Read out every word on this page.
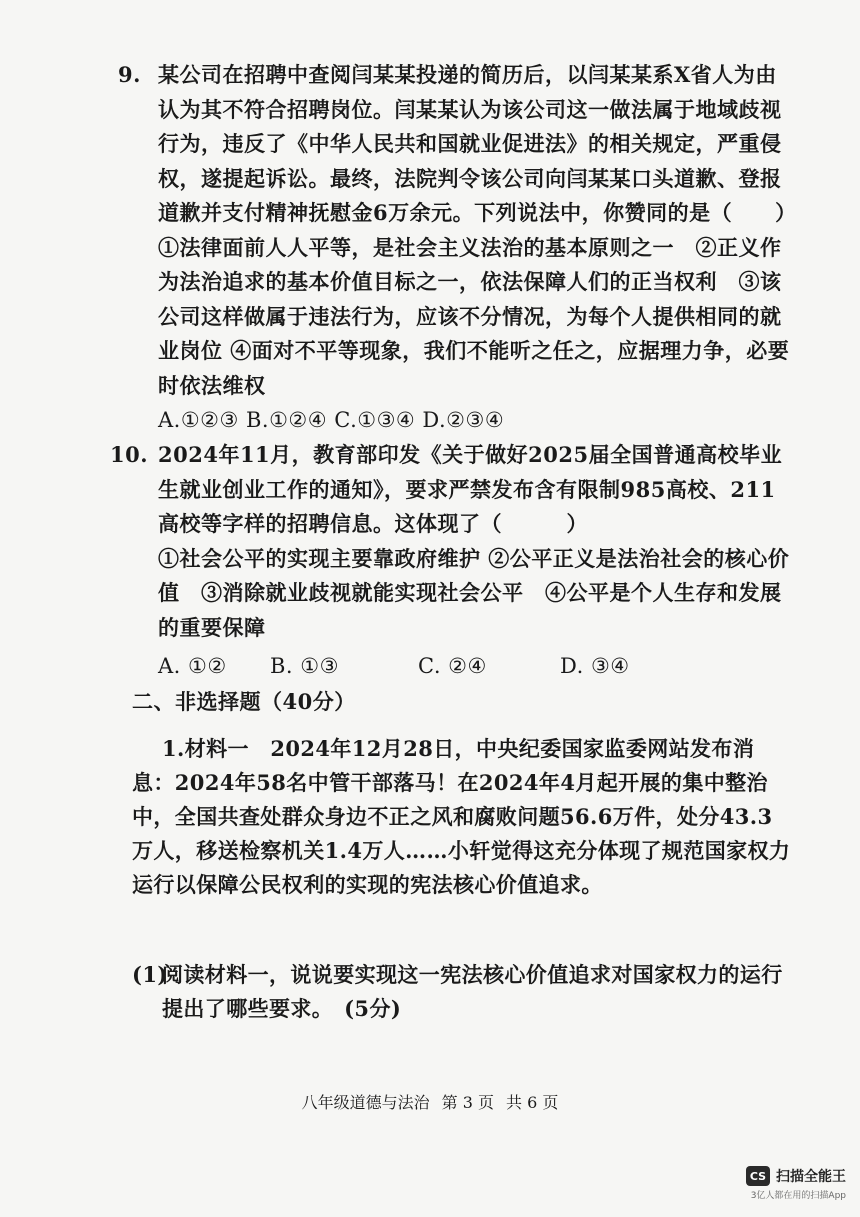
9. 某公司在招聘中查阅闫某某投递的简历后，以闫某某系X省人为由认为其不符合招聘岗位。闫某某认为该公司这一做法属于地域歧视行为，违反了《中华人民共和国就业促进法》的相关规定，严重侵权，遂提起诉讼。最终，法院判令该公司向闫某某口头道歉、登报道歉并支付精神抚慰金6万余元。下列说法中，你赞同的是（　　）
①法律面前人人平等，是社会主义法治的基本原则之一　②正义作为法治追求的基本价值目标之一，依法保障人们的正当权利　③该公司这样做属于违法行为，应该不分情况，为每个人提供相同的就业岗位 ④面对不平等现象，我们不能听之任之，应据理力争，必要时依法维权
A.①②③ B.①②④ C.①③④ D.②③④
10. 2024年11月，教育部印发《关于做好2025届全国普通高校毕业生就业创业工作的通知》，要求严禁发布含有限制985高校、211高校等字样的招聘信息。这体现了（　　　）
①社会公平的实现主要靠政府维护 ②公平正义是法治社会的核心价值　③消除就业歧视就能实现社会公平　④公平是个人生存和发展的重要保障
A. ①②	B. ①③	C. ②④	D. ③④
二、非选择题（40分）
1.材料一　2024年12月28日，中央纪委国家监委网站发布消息：2024年58名中管干部落马！在2024年4月起开展的集中整治中，全国共查处群众身边不正之风和腐败问题56.6万件，处分43.3万人，移送检察机关1.4万人……小轩觉得这充分体现了规范国家权力运行以保障公民权利的实现的宪法核心价值追求。
(1)
阅读材料一，说说要实现这一宪法核心价值追求对国家权力的运行提出了哪些要求。　(5分)
八年级道德与法治 第 3 页 共 6 页
CS 扫描全能王
3亿人都在用的扫描App
